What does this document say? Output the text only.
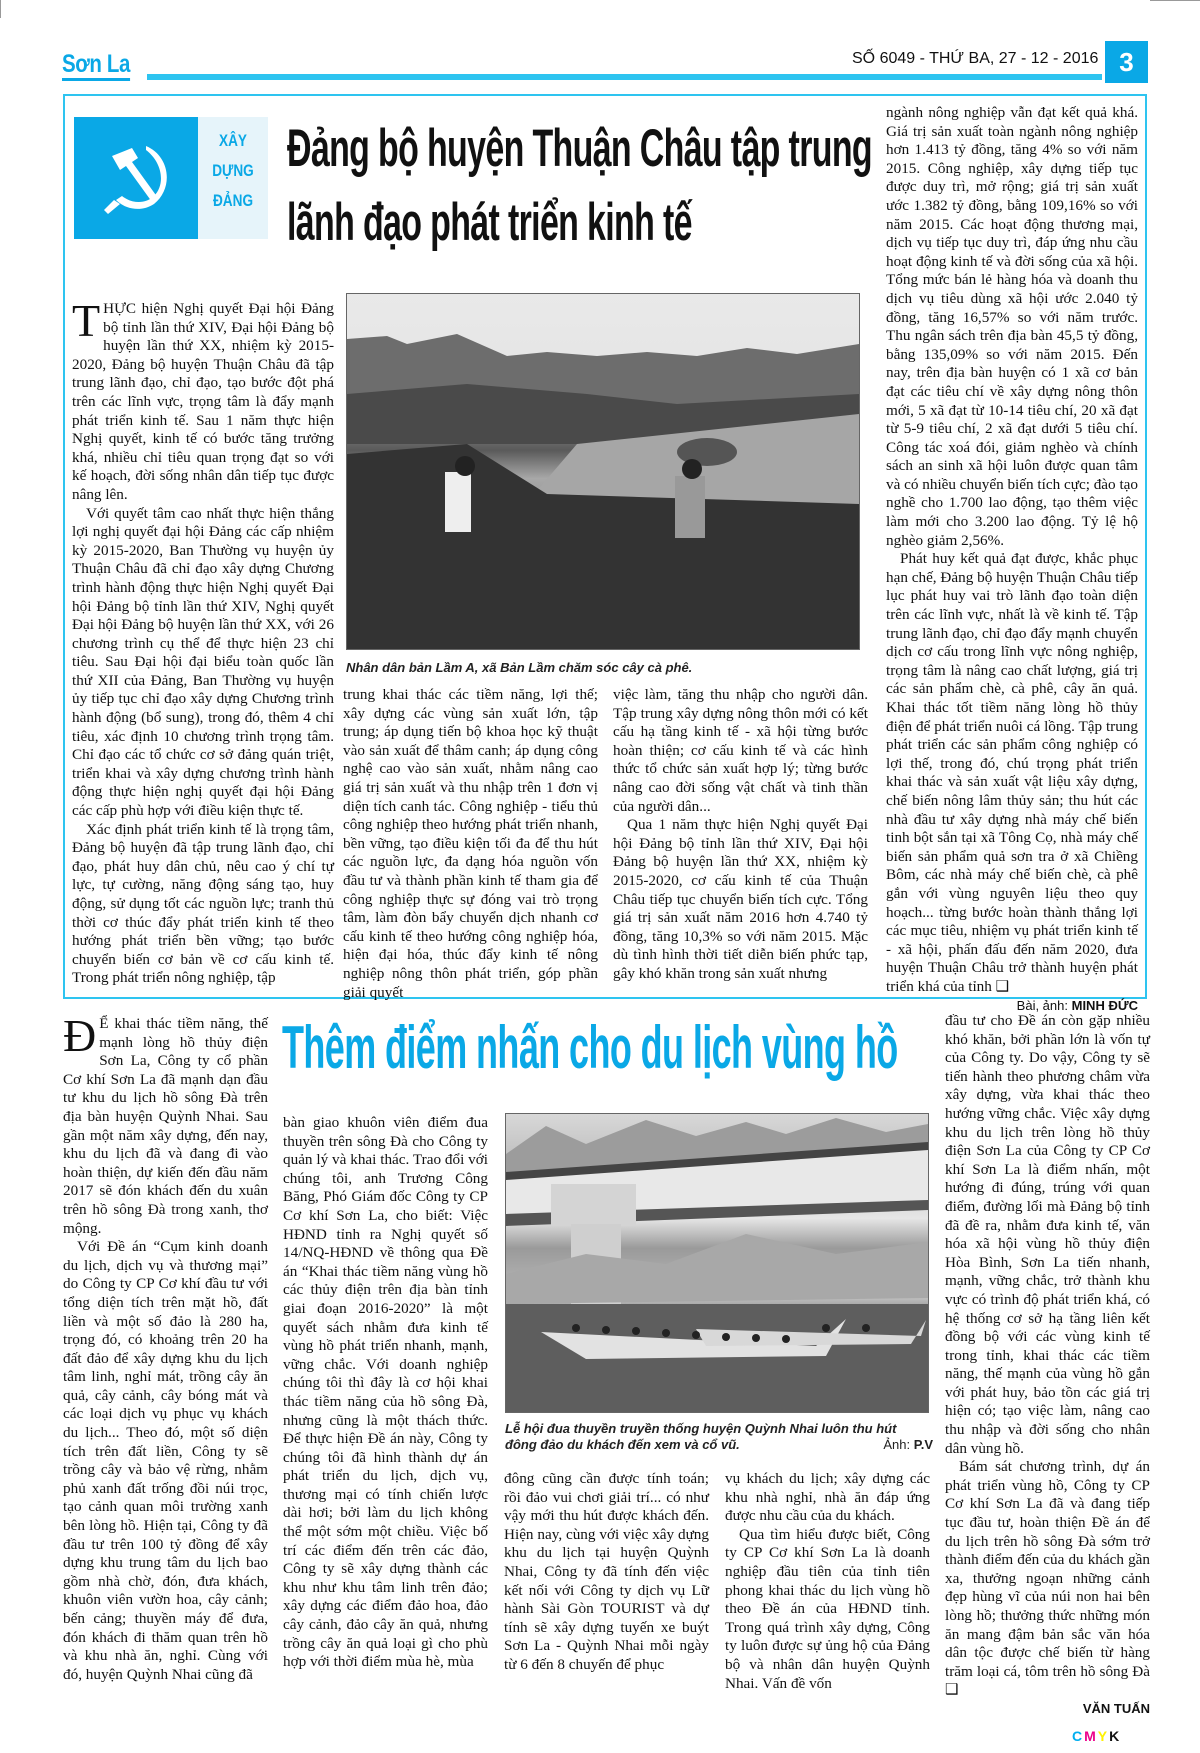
Sơn La	SỐ 6049 - THỨ BA, 27 - 12 - 2016 3
XÂY
DỰNG
ĐẢNG
Đảng bộ huyện Thuận Châu tập trung
lãnh đạo phát triển kinh tế

THỰC hiện Nghị quyết Đại hội Đảng bộ tỉnh lần thứ XIV, Đại hội Đảng bộ huyện lần thứ XX, nhiệm kỳ 2015-2020, Đảng bộ huyện Thuận Châu đã tập trung lãnh đạo, chỉ đạo, tạo bước đột phá trên các lĩnh vực, trọng tâm là đẩy mạnh phát triển kinh tế. Sau 1 năm thực hiện Nghị quyết, kinh tế có bước tăng trưởng khá, nhiều chỉ tiêu quan trọng đạt so với kế hoạch, đời sống nhân dân tiếp tục được nâng lên.

Với quyết tâm cao nhất thực hiện thắng lợi nghị quyết đại hội Đảng các cấp nhiệm kỳ 2015-2020, Ban Thường vụ huyện ủy Thuận Châu đã chỉ đạo xây dựng Chương trình hành động thực hiện Nghị quyết Đại hội Đảng bộ tỉnh lần thứ XIV, Nghị quyết Đại hội Đảng bộ huyện lần thứ XX, với 26 chương trình cụ thể để thực hiện 23 chỉ tiêu. Sau Đại hội đại biểu toàn quốc lần thứ XII của Đảng, Ban Thường vụ huyện ủy tiếp tục chỉ đạo xây dựng Chương trình hành động (bổ sung), trong đó, thêm 4 chỉ tiêu, xác định 10 chương trình trọng tâm. Chỉ đạo các tổ chức cơ sở đảng quán triệt, triển khai và xây dựng chương trình hành động thực hiện nghị quyết đại hội Đảng các cấp phù hợp với điều kiện thực tế.

Xác định phát triển kinh tế là trọng tâm, Đảng bộ huyện đã tập trung lãnh đạo, chỉ đạo, phát huy dân chủ, nêu cao ý chí tự lực, tự cường, năng động sáng tạo, huy động, sử dụng tốt các nguồn lực; tranh thủ thời cơ thúc đẩy phát triển kinh tế theo hướng phát triển bền vững; tạo bước chuyển biến cơ bản về cơ cấu kinh tế. Trong phát triển nông nghiệp, tập

Nhân dân bản Lầm A, xã Bản Lầm chăm sóc cây cà phê.

trung khai thác các tiềm năng, lợi thế; xây dựng các vùng sản xuất lớn, tập trung; áp dụng tiến bộ khoa học kỹ thuật vào sản xuất để thâm canh; áp dụng công nghệ cao vào sản xuất, nhằm nâng cao giá trị sản xuất và thu nhập trên 1 đơn vị diện tích canh tác. Công nghiệp - tiểu thủ công nghiệp theo hướng phát triển nhanh, bền vững, tạo điều kiện tối đa để thu hút các nguồn lực, đa dạng hóa nguồn vốn đầu tư và thành phần kinh tế tham gia để công nghiệp thực sự đóng vai trò trọng tâm, làm đòn bẩy chuyển dịch nhanh cơ cấu kinh tế theo hướng công nghiệp hóa, hiện đại hóa, thúc đẩy kinh tế nông nghiệp nông thôn phát triển, góp phần giải quyết

việc làm, tăng thu nhập cho người dân. Tập trung xây dựng nông thôn mới có kết cấu hạ tầng kinh tế - xã hội từng bước hoàn thiện; cơ cấu kinh tế và các hình thức tổ chức sản xuất hợp lý; từng bước nâng cao đời sống vật chất và tinh thần của người dân...

Qua 1 năm thực hiện Nghị quyết Đại hội Đảng bộ tỉnh lần thứ XIV, Đại hội Đảng bộ huyện lần thứ XX, nhiệm kỳ 2015-2020, cơ cấu kinh tế của Thuận Châu tiếp tục chuyển biến tích cực. Tổng giá trị sản xuất năm 2016 hơn 4.740 tỷ đồng, tăng 10,3% so với năm 2015. Mặc dù tình hình thời tiết diễn biến phức tạp, gây khó khăn trong sản xuất nhưng

ngành nông nghiệp vẫn đạt kết quả khá. Giá trị sản xuất toàn ngành nông nghiệp hơn 1.413 tỷ đồng, tăng 4% so với năm 2015. Công nghiệp, xây dựng tiếp tục được duy trì, mở rộng; giá trị sản xuất ước 1.382 tỷ đồng, bằng 109,16% so với năm 2015. Các hoạt động thương mại, dịch vụ tiếp tục duy trì, đáp ứng nhu cầu hoạt động kinh tế và đời sống của xã hội. Tổng mức bán lẻ hàng hóa và doanh thu dịch vụ tiêu dùng xã hội ước 2.040 tỷ đồng, tăng 16,57% so với năm trước. Thu ngân sách trên địa bàn 45,5 tỷ đồng, bằng 135,09% so với năm 2015. Đến nay, trên địa bàn huyện có 1 xã cơ bản đạt các tiêu chí về xây dựng nông thôn mới, 5 xã đạt từ 10-14 tiêu chí, 20 xã đạt từ 5-9 tiêu chí, 2 xã đạt dưới 5 tiêu chí. Công tác xoá đói, giảm nghèo và chính sách an sinh xã hội luôn được quan tâm và có nhiều chuyển biến tích cực; đào tạo nghề cho 1.700 lao động, tạo thêm việc làm mới cho 3.200 lao động. Tỷ lệ hộ nghèo giảm 2,56%.

Phát huy kết quả đạt được, khắc phục hạn chế, Đảng bộ huyện Thuận Châu tiếp lục phát huy vai trò lãnh đạo toàn diện trên các lĩnh vực, nhất là về kinh tế. Tập trung lãnh đạo, chỉ đạo đẩy mạnh chuyển dịch cơ cấu trong lĩnh vực nông nghiệp, trọng tâm là nâng cao chất lượng, giá trị các sản phẩm chè, cà phê, cây ăn quả. Khai thác tốt tiềm năng lòng hồ thủy điện để phát triển nuôi cá lồng. Tập trung phát triển các sản phẩm công nghiệp có lợi thế, trong đó, chú trọng phát triển khai thác và sản xuất vật liệu xây dựng, chế biến nông lâm thủy sản; thu hút các nhà đầu tư xây dựng nhà máy chế biến tinh bột sắn tại xã Tông Cọ, nhà máy chế biến sản phẩm quả sơn tra ở xã Chiềng Bôm, các nhà máy chế biến chè, cà phê gắn với vùng nguyên liệu theo quy hoạch... từng bước hoàn thành thắng lợi các mục tiêu, nhiệm vụ phát triển kinh tế - xã hội, phấn đấu đến năm 2020, đưa huyện Thuận Châu trở thành huyện phát triển khá của tỉnh ❑

Bài, ảnh: MINH ĐỨC

Thêm điểm nhấn cho du lịch vùng hồ

Đ Ể khai thác tiềm năng, thế mạnh lòng hồ thủy điện Sơn La, Công ty cổ phần Cơ khí Sơn La đã mạnh dạn đầu tư khu du lịch hồ sông Đà trên địa bàn huyện Quỳnh Nhai. Sau gần một năm xây dựng, đến nay, khu du lịch đã và đang đi vào hoàn thiện, dự kiến đến đầu năm 2017 sẽ đón khách đến du xuân trên hồ sông Đà trong xanh, thơ mộng.

Với Đề án “Cụm kinh doanh du lịch, dịch vụ và thương mại” do Công ty CP Cơ khí đầu tư với tổng diện tích trên mặt hồ, đất liền và một số đảo là 280 ha, trọng đó, có khoảng trên 20 ha đất đảo để xây dựng khu du lịch tâm linh, nghỉ mát, trồng cây ăn quả, cây cảnh, cây bóng mát và các loại dịch vụ phục vụ khách du lịch... Theo đó, một số diện tích trên đất liền, Công ty sẽ trồng cây và bảo vệ rừng, nhằm phủ xanh đất trống đồi núi trọc, tạo cảnh quan môi trường xanh bên lòng hồ. Hiện tại, Công ty đã đầu tư trên 100 tỷ đồng để xây dựng khu trung tâm du lịch bao gồm nhà chờ, đón, đưa khách, khuôn viên vườn hoa, cây cảnh; bến cảng; thuyền máy để đưa, đón khách đi thăm quan trên hồ và khu nhà ăn, nghỉ. Cùng với đó, huyện Quỳnh Nhai cũng đã

bàn giao khuôn viên điểm đua thuyền trên sông Đà cho Công ty quản lý và khai thác. Trao đổi với chúng tôi, anh Trương Công Băng, Phó Giám đốc Công ty CP Cơ khí Sơn La, cho biết: Việc HĐND tỉnh ra Nghị quyết số 14/NQ-HĐND về thông qua Đề án “Khai thác tiềm năng vùng hồ các thủy điện trên địa bàn tỉnh giai đoạn 2016-2020” là một quyết sách nhằm đưa kinh tế vùng hồ phát triển nhanh, mạnh, vững chắc. Với doanh nghiệp chúng tôi thì đây là cơ hội khai thác tiềm năng của hồ sông Đà, nhưng cũng là một thách thức. Để thực hiện Đề án này, Công ty chúng tôi đã hình thành dự án phát triển du lịch, dịch vụ, thương mại có tính chiến lược dài hơi; bởi làm du lịch không thể một sớm một chiều. Việc bố trí các điểm đến trên các đảo, Công ty sẽ xây dựng thành các khu như khu tâm linh trên đảo; xây dựng các điểm đảo hoa, đảo cây cảnh, đảo cây ăn quả, nhưng trồng cây ăn quả loại gì cho phù hợp với thời điểm mùa hè, mùa

Lễ hội đua thuyền truyền thống huyện Quỳnh Nhai luôn thu hút
đông đảo du khách đến xem và cổ vũ.	Ảnh: P.V

đông cũng cần được tính toán; rồi đảo vui chơi giải trí... có như vậy mới thu hút được khách đến. Hiện nay, cùng với việc xây dựng khu du lịch tại huyện Quỳnh Nhai, Công ty đã tính đến việc kết nối với Công ty dịch vụ Lữ hành Sài Gòn TOURIST và dự tính sẽ xây dựng tuyến xe buýt Sơn La - Quỳnh Nhai mỗi ngày từ 6 đến 8 chuyến để phục

vụ khách du lịch; xây dựng các khu nhà nghỉ, nhà ăn đáp ứng được nhu cầu của du khách.

Qua tìm hiểu được biết, Công ty CP Cơ khí Sơn La là doanh nghiệp đầu tiên của tỉnh tiên phong khai thác du lịch vùng hồ theo Đề án của HĐND tỉnh. Trong quá trình xây dựng, Công ty luôn được sự ủng hộ của Đảng bộ và nhân dân huyện Quỳnh Nhai. Vấn đề vốn

đầu tư cho Đề án còn gặp nhiều khó khăn, bởi phần lớn là vốn tự của Công ty. Do vậy, Công ty sẽ tiến hành theo phương châm vừa xây dựng, vừa khai thác theo hướng vững chắc. Việc xây dựng khu du lịch trên lòng hồ thủy điện Sơn La của Công ty CP Cơ khí Sơn La là điểm nhấn, một hướng đi đúng, trúng với quan điểm, đường lối mà Đảng bộ tỉnh đã đề ra, nhằm đưa kinh tế, văn hóa xã hội vùng hồ thủy điện Hòa Bình, Sơn La tiến nhanh, mạnh, vững chắc, trở thành khu vực có trình độ phát triển khá, có hệ thống cơ sở hạ tầng liên kết đồng bộ với các vùng kinh tế trong tỉnh, khai thác các tiềm năng, thế mạnh của vùng hồ gắn với phát huy, bảo tồn các giá trị hiện có; tạo việc làm, nâng cao thu nhập và đời sống cho nhân dân vùng hồ.

Bám sát chương trình, dự án phát triển vùng hồ, Công ty CP Cơ khí Sơn La đã và đang tiếp tục đầu tư, hoàn thiện Đề án để du lịch trên hồ sông Đà sớm trở thành điểm đến của du khách gần xa, thưởng ngoạn những cảnh đẹp hùng vĩ của núi non hai bên lòng hồ; thưởng thức những món ăn mang đậm bản sắc văn hóa dân tộc được chế biến từ hàng trăm loại cá, tôm trên hồ sông Đà ❑

VĂN TUẤN

CMYK
